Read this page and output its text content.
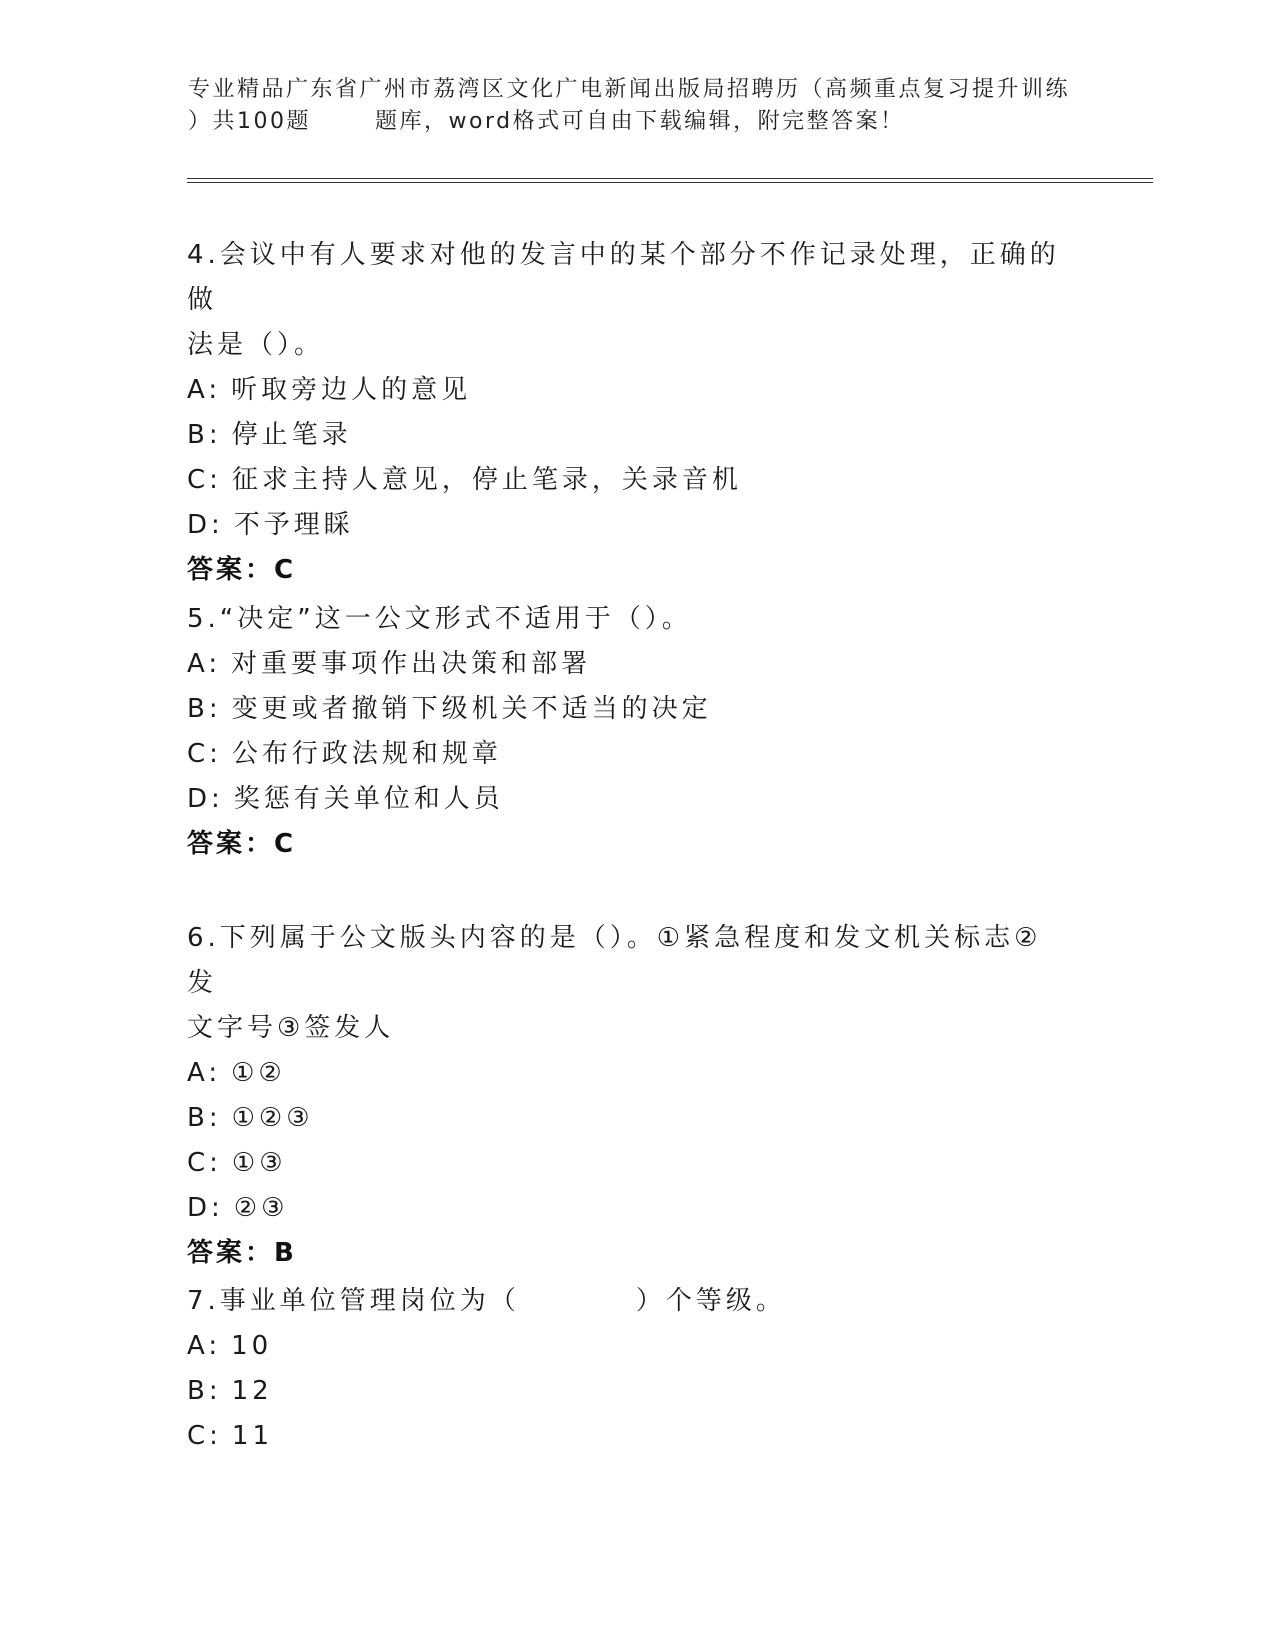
专业精品广东省广州市荔湾区文化广电新闻出版局招聘历（高频重点复习提升训练
）共100题	题库，word格式可自由下载编辑，附完整答案！
4.会议中有人要求对他的发言中的某个部分不作记录处理，正确的做
法是（）。
A: 听取旁边人的意见
B: 停止笔录
C: 征求主持人意见，停止笔录，关录音机
D: 不予理睬
答案：C
5.“决定”这一公文形式不适用于（）。
A: 对重要事项作出决策和部署
B: 变更或者撤销下级机关不适当的决定
C: 公布行政法规和规章
D: 奖惩有关单位和人员
答案：C
6.下列属于公文版头内容的是（）。①紧急程度和发文机关标志②发
文字号③签发人
A: ①②
B: ①②③
C: ①③
D: ②③
答案：B
7.事业单位管理岗位为（	）个等级。
A: 10
B: 12
C: 11
